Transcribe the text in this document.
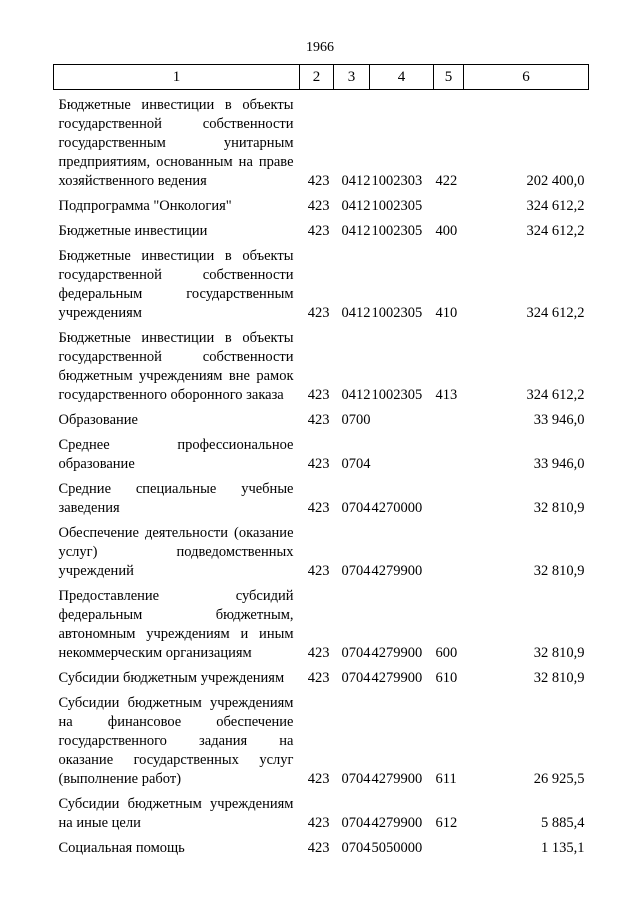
1966
1	2	3	4	5	6
Бюджетные инвестиции в объекты государственной собственности государственным унитарным предприятиям, основанным на праве хозяйственного ведения	423	0412	1002303	422	202 400,0
Подпрограмма "Онкология"	423	0412	1002305		324 612,2
Бюджетные инвестиции	423	0412	1002305	400	324 612,2
Бюджетные инвестиции в объекты государственной собственности федеральным государственным учреждениям	423	0412	1002305	410	324 612,2
Бюджетные инвестиции в объекты государственной собственности бюджетным учреждениям вне рамок государственного оборонного заказа	423	0412	1002305	413	324 612,2
Образование	423	0700			33 946,0
Среднее профессиональное образование	423	0704			33 946,0
Средние специальные учебные заведения	423	0704	4270000		32 810,9
Обеспечение деятельности (оказание услуг) подведомственных учреждений	423	0704	4279900		32 810,9
Предоставление субсидий федеральным бюджетным, автономным учреждениям и иным некоммерческим организациям	423	0704	4279900	600	32 810,9
Субсидии бюджетным учреждениям	423	0704	4279900	610	32 810,9
Субсидии бюджетным учреждениям на финансовое обеспечение государственного задания на оказание государственных услуг (выполнение работ)	423	0704	4279900	611	26 925,5
Субсидии бюджетным учреждениям на иные цели	423	0704	4279900	612	5 885,4
Социальная помощь	423	0704	5050000		1 135,1
